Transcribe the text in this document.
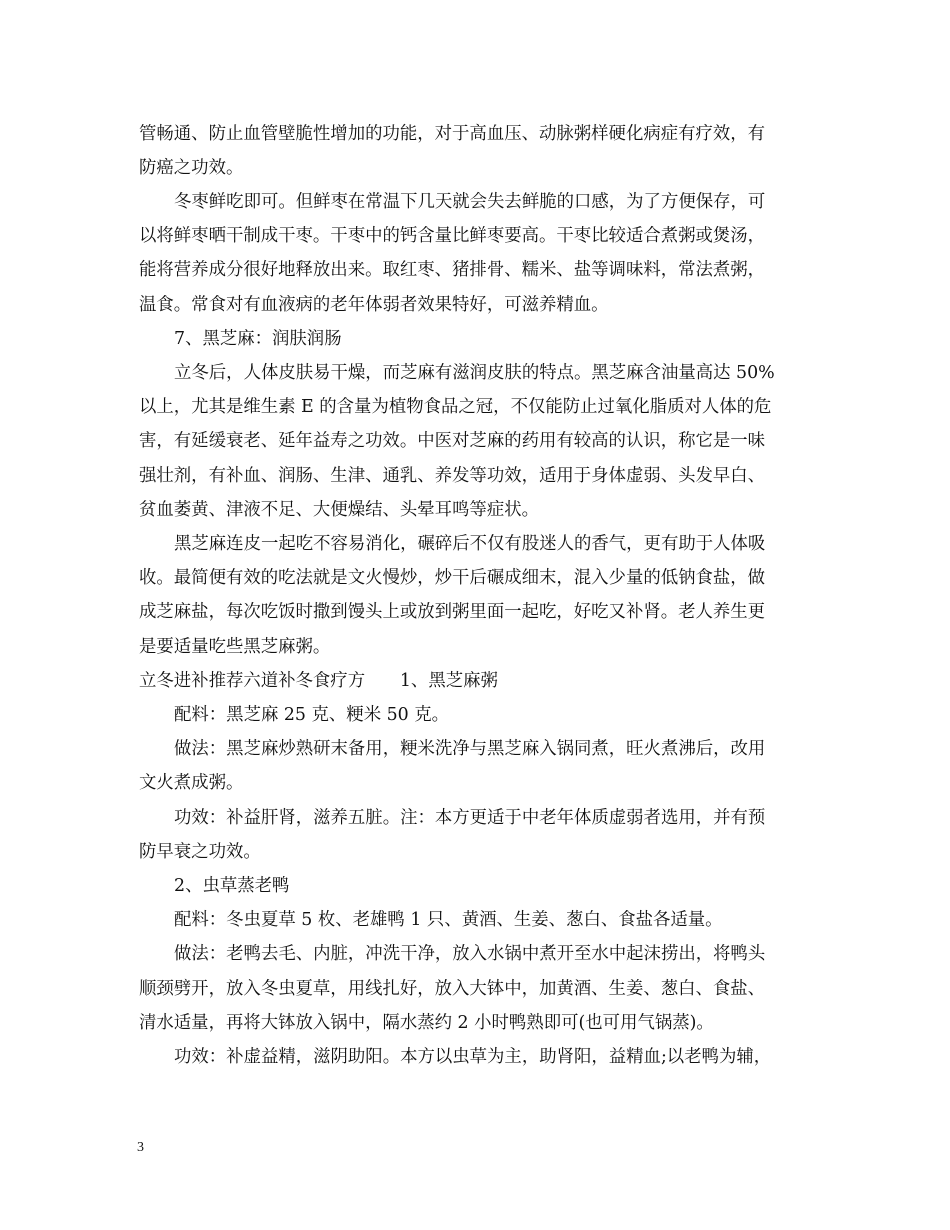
管畅通、防止血管壁脆性增加的功能，对于高血压、动脉粥样硬化病症有疗效，有
防癌之功效。
冬枣鲜吃即可。但鲜枣在常温下几天就会失去鲜脆的口感，为了方便保存，可
以将鲜枣晒干制成干枣。干枣中的钙含量比鲜枣要高。干枣比较适合煮粥或煲汤，
能将营养成分很好地释放出来。取红枣、猪排骨、糯米、盐等调味料，常法煮粥，
温食。常食对有血液病的老年体弱者效果特好，可滋养精血。
7、黑芝麻：润肤润肠
立冬后，人体皮肤易干燥，而芝麻有滋润皮肤的特点。黑芝麻含油量高达 50%
以上，尤其是维生素 E 的含量为植物食品之冠，不仅能防止过氧化脂质对人体的危
害，有延缓衰老、延年益寿之功效。中医对芝麻的药用有较高的认识，称它是一味
强壮剂，有补血、润肠、生津、通乳、养发等功效，适用于身体虚弱、头发早白、
贫血萎黄、津液不足、大便燥结、头晕耳鸣等症状。
黑芝麻连皮一起吃不容易消化，碾碎后不仅有股迷人的香气，更有助于人体吸
收。最简便有效的吃法就是文火慢炒，炒干后碾成细末，混入少量的低钠食盐，做
成芝麻盐，每次吃饭时撒到馒头上或放到粥里面一起吃，好吃又补肾。老人养生更
是要适量吃些黑芝麻粥。
立冬进补推荐六道补冬食疗方　　1、黑芝麻粥
配料：黑芝麻 25 克、粳米 50 克。
做法：黑芝麻炒熟研末备用，粳米洗净与黑芝麻入锅同煮，旺火煮沸后，改用
文火煮成粥。
功效：补益肝肾，滋养五脏。注：本方更适于中老年体质虚弱者选用，并有预
防早衰之功效。
2、虫草蒸老鸭
配料：冬虫夏草 5 枚、老雄鸭 1 只、黄酒、生姜、葱白、食盐各适量。
做法：老鸭去毛、内脏，冲洗干净，放入水锅中煮开至水中起沫捞出，将鸭头
顺颈劈开，放入冬虫夏草，用线扎好，放入大钵中，加黄酒、生姜、葱白、食盐、
清水适量，再将大钵放入锅中，隔水蒸约 2 小时鸭熟即可(也可用气锅蒸)。
功效：补虚益精，滋阴助阳。本方以虫草为主，助肾阳，益精血;以老鸭为辅，
3
